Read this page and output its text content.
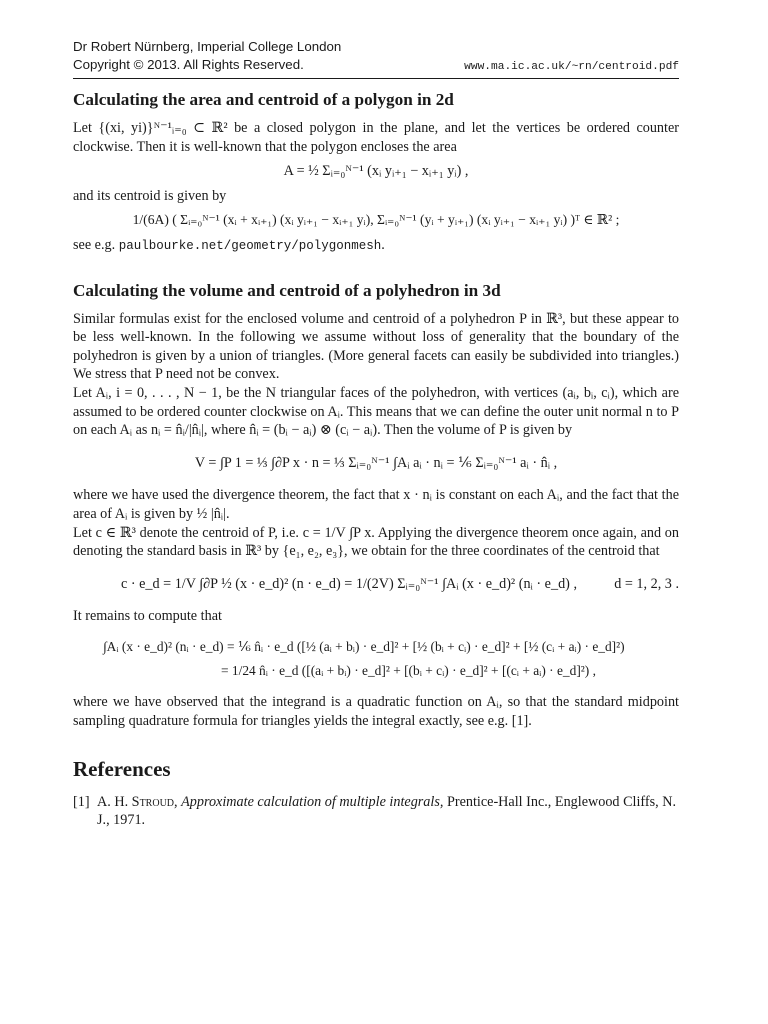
Dr Robert Nürnberg, Imperial College London
Copyright © 2013. All Rights Reserved.	www.ma.ic.ac.uk/~rn/centroid.pdf
Calculating the area and centroid of a polygon in 2d

Let {(xi, yi)}ᴺ⁻¹ᵢ₌₀ ⊂ ℝ² be a closed polygon in the plane, and let the vertices be ordered counter clockwise. Then it is well-known that the polygon encloses the area

A = ½ Σᵢ₌₀ᴺ⁻¹ (xᵢ yᵢ₊₁ − xᵢ₊₁ yᵢ) ,

and its centroid is given by

1/(6A) ( Σᵢ₌₀ᴺ⁻¹ (xᵢ + xᵢ₊₁) (xᵢ yᵢ₊₁ − xᵢ₊₁ yᵢ), Σᵢ₌₀ᴺ⁻¹ (yᵢ + yᵢ₊₁) (xᵢ yᵢ₊₁ − xᵢ₊₁ yᵢ) )ᵀ ∈ ℝ² ;

see e.g. paulbourke.net/geometry/polygonmesh.

Calculating the volume and centroid of a polyhedron in 3d

Similar formulas exist for the enclosed volume and centroid of a polyhedron P in ℝ³, but these appear to be less well-known. In the following we assume without loss of generality that the boundary of the polyhedron is given by a union of triangles. (More general facets can easily be subdivided into triangles.) We stress that P need not be convex.

Let Aᵢ, i = 0, . . . , N − 1, be the N triangular faces of the polyhedron, with vertices (aᵢ, bᵢ, cᵢ), which are assumed to be ordered counter clockwise on Aᵢ. This means that we can define the outer unit normal n to P on each Aᵢ as nᵢ = n̂ᵢ/|n̂ᵢ|, where n̂ᵢ = (bᵢ − aᵢ) ⊗ (cᵢ − aᵢ). Then the volume of P is given by

V = ∫P 1 = ⅓ ∫∂P x · n = ⅓ Σᵢ₌₀ᴺ⁻¹ ∫Aᵢ aᵢ · nᵢ = ⅙ Σᵢ₌₀ᴺ⁻¹ aᵢ · n̂ᵢ ,

where we have used the divergence theorem, the fact that x · nᵢ is constant on each Aᵢ, and the fact that the area of Aᵢ is given by ½ |n̂ᵢ|.

Let c ∈ ℝ³ denote the centroid of P, i.e. c = 1/V ∫P x. Applying the divergence theorem once again, and on denoting the standard basis in ℝ³ by {e₁, e₂, e₃}, we obtain for the three coordinates of the centroid that

c · e_d = 1/V ∫∂P ½ (x · e_d)² (n · e_d) = 1/(2V) Σᵢ₌₀ᴺ⁻¹ ∫Aᵢ (x · e_d)² (nᵢ · e_d) ,	d = 1, 2, 3 .

It remains to compute that

∫Aᵢ (x · e_d)² (nᵢ · e_d) = ⅙ n̂ᵢ · e_d ([½ (aᵢ + bᵢ) · e_d]² + [½ (bᵢ + cᵢ) · e_d]² + [½ (cᵢ + aᵢ) · e_d]²)
= 1/24 n̂ᵢ · e_d ([(aᵢ + bᵢ) · e_d]² + [(bᵢ + cᵢ) · e_d]² + [(cᵢ + aᵢ) · e_d]²) ,

where we have observed that the integrand is a quadratic function on Aᵢ, so that the standard midpoint sampling quadrature formula for triangles yields the integral exactly, see e.g. [1].

References
[1] A. H. Stroud, Approximate calculation of multiple integrals, Prentice-Hall Inc., Englewood Cliffs, N. J., 1971.
